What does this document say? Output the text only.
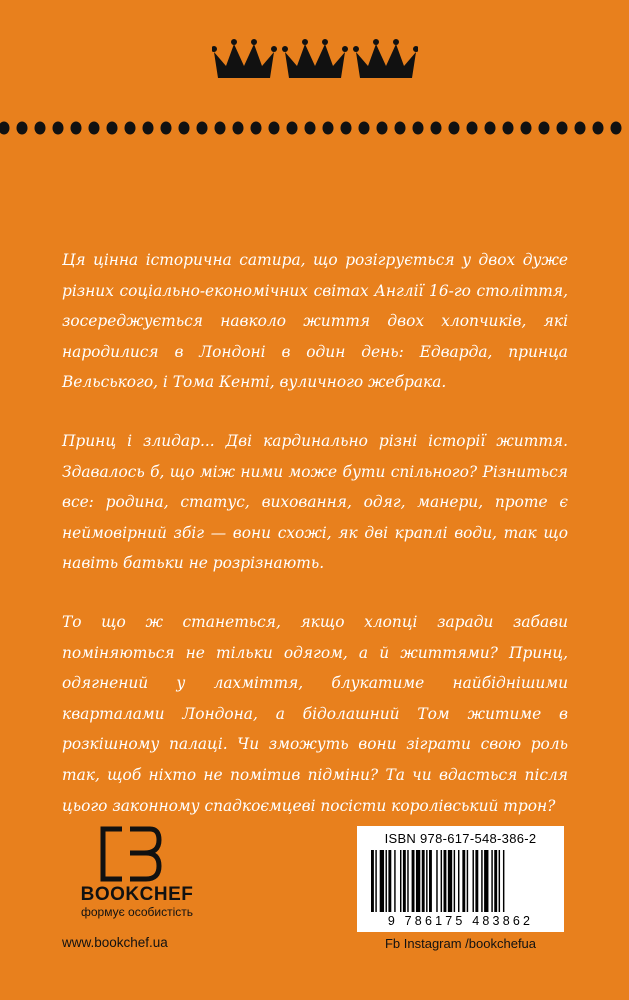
Ця цінна історична сатира, що розігрується у двох дуже різних соціально-економічних світах Англії 16-го століття, зосереджується навколо життя двох хлопчиків, які народилися в Лондоні в один день: Едварда, принца Вельського, і Тома Кенті, вуличного жебрака.

Принц і злидар... Дві кардинально різні історії життя. Здавалось б, що між ними може бути спільного? Різниться все: родина, статус, виховання, одяг, манери, проте є неймовірний збіг — вони схожі, як дві краплі води, так що навіть батьки не розрізнають.

То що ж станеться, якщо хлопці заради забави поміняються не тільки одягом, а й життями? Принц, одягнений у лахміття, блукатиме найбіднішими кварталами Лондона, а бідолашний Том житиме в розкішному палаці. Чи зможуть вони зіграти свою роль так, щоб ніхто не помітив підміни? Та чи вдасться після цього законному спадкоємцеві посісти королівський трон?

BOOKCHEF
формує особистість
www.bookchef.ua
ISBN 978-617-548-386-2
9 786175 483862
Fb Instagram /bookchefua
